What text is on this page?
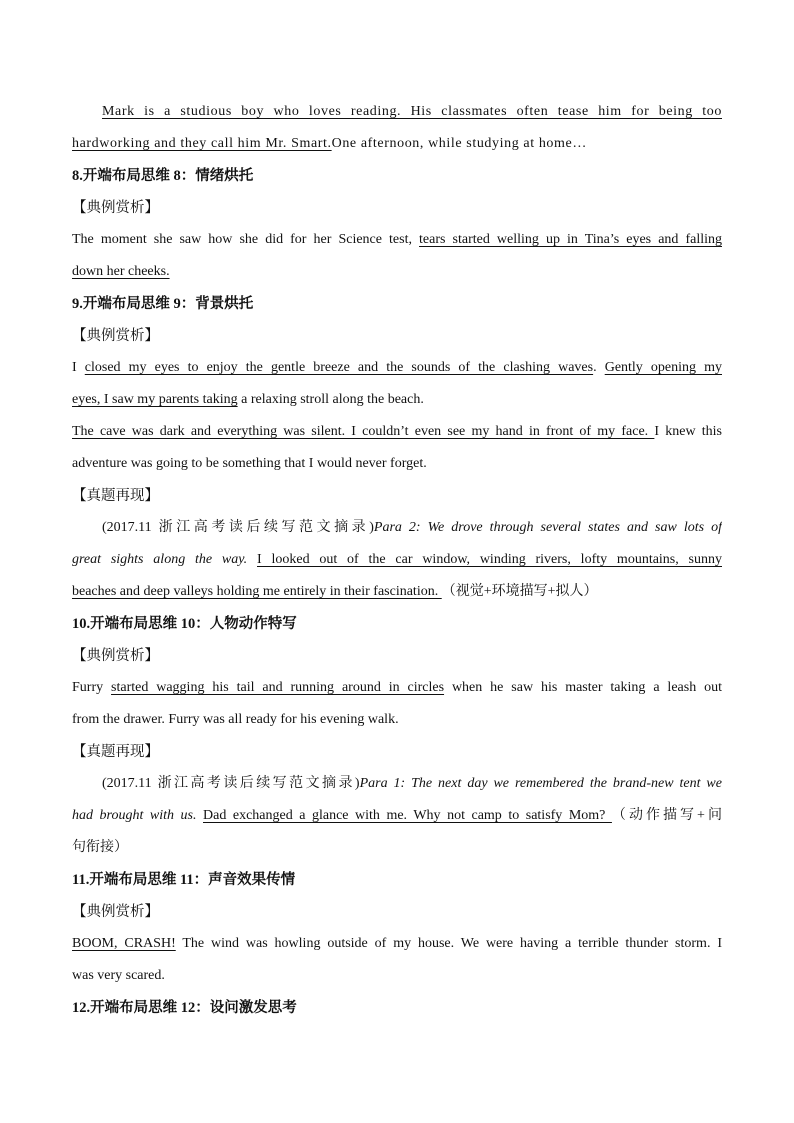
Mark is a studious boy who loves reading. His classmates often tease him for being too
hardworking and they call him Mr. Smart.One afternoon, while studying at home…
8.开端布局思维 8：情绪烘托
【典例赏析】
The moment she saw how she did for her Science test, tears started welling up in Tina’s eyes and falling
down her cheeks.
9.开端布局思维 9：背景烘托
【典例赏析】
I closed my eyes to enjoy the gentle breeze and the sounds of the clashing waves. Gently opening my
eyes, I saw my parents taking a relaxing stroll along the beach.
The cave was dark and everything was silent. I couldn’t even see my hand in front of my face. I knew this
adventure was going to be something that I would never forget.
【真题再现】
(2017.11 浙江高考读后续写范文摘录)Para 2: We drove through several states and saw lots of
great sights along the way. I looked out of the car window, winding rivers, lofty mountains, sunny
beaches and deep valleys holding me entirely in their fascination. （视觉+环境描写+拟人）
10.开端布局思维 10：人物动作特写
【典例赏析】
Furry started wagging his tail and running around in circles when he saw his master taking a leash out
from the drawer. Furry was all ready for his evening walk.
【真题再现】
(2017.11 浙江高考读后续写范文摘录)Para 1: The next day we remembered the brand-new tent we
had brought with us. Dad exchanged a glance with me. Why not camp to satisfy Mom? （动作描写+问
句衔接）
11.开端布局思维 11：声音效果传情
【典例赏析】
BOOM, CRASH! The wind was howling outside of my house. We were having a terrible thunder storm. I
was very scared.
12.开端布局思维 12：设问激发思考
